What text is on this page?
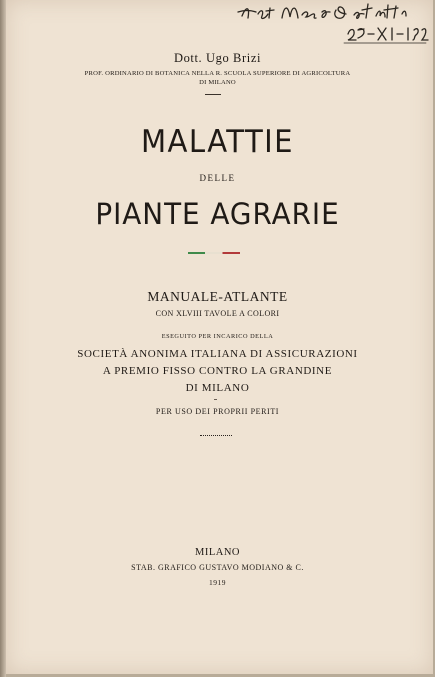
Dott. Ugo Brizi
PROF. ORDINARIO DI BOTANICA NELLA R. SCUOLA SUPERIORE DI AGRICOLTURA
DI MILANO
MALATTIE
DELLE
PIANTE AGRARIE
MANUALE-ATLANTE
CON XLVIII TAVOLE A COLORI
ESEGUITO PER INCARICO DELLA
SOCIETÀ ANONIMA ITALIANA DI ASSICURAZIONI
A PREMIO FISSO CONTRO LA GRANDINE
DI MILANO
PER USO DEI PROPRII PERITI
MILANO
STAB. GRAFICO GUSTAVO MODIANO & C.
1919
